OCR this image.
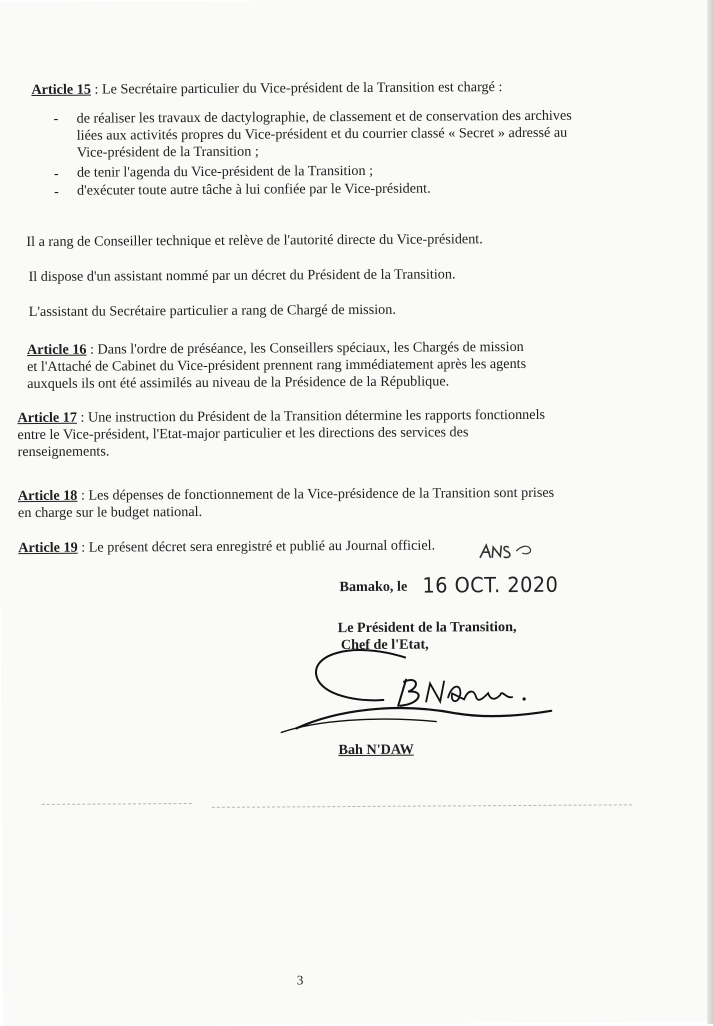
Article 15 : Le Secrétaire particulier du Vice-président de la Transition est chargé :
- de réaliser les travaux de dactylographie, de classement et de conservation des archives
liées aux activités propres du Vice-président et du courrier classé « Secret » adressé au
Vice-président de la Transition ;
- de tenir l'agenda du Vice-président de la Transition ;
- d'exécuter toute autre tâche à lui confiée par le Vice-président.
Il a rang de Conseiller technique et relève de l'autorité directe du Vice-président.
Il dispose d'un assistant nommé par un décret du Président de la Transition.
L'assistant du Secrétaire particulier a rang de Chargé de mission.
Article 16 : Dans l'ordre de préséance, les Conseillers spéciaux, les Chargés de mission
et l'Attaché de Cabinet du Vice-président prennent rang immédiatement après les agents
auxquels ils ont été assimilés au niveau de la Présidence de la République.
Article 17 : Une instruction du Président de la Transition détermine les rapports fonctionnels
entre le Vice-président, l'Etat-major particulier et les directions des services des
renseignements.
Article 18 : Les dépenses de fonctionnement de la Vice-présidence de la Transition sont prises
en charge sur le budget national.
Article 19 : Le présent décret sera enregistré et publié au Journal officiel.
Bamako, le 16 OCT. 2020
Le Président de la Transition,
Chef de l'Etat,
Bah N'DAW
3
